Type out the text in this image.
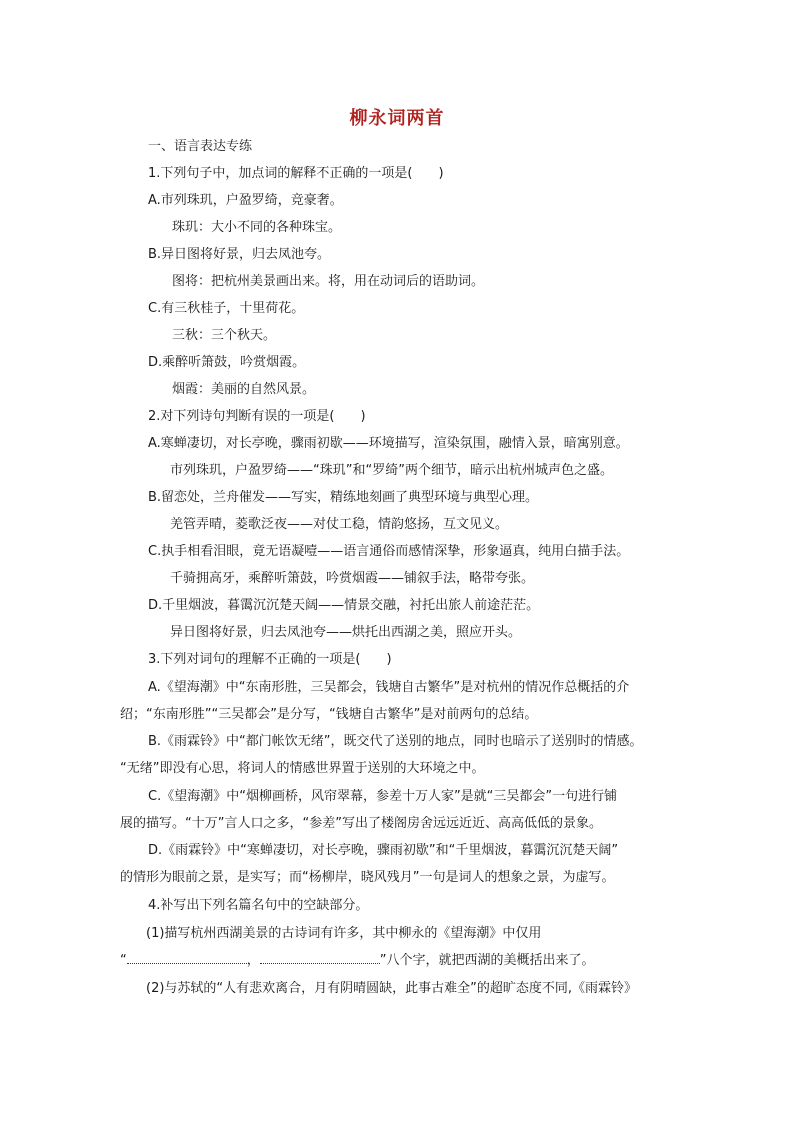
柳永词两首
一、语言表达专练
1.下列句子中，加点词的解释不正确的一项是(　　)
A.市列珠玑，户盈罗绮，竞豪奢。
珠玑：大小不同的各种珠宝。
B.异日图将好景，归去凤池夸。
图将：把杭州美景画出来。将，用在动词后的语助词。
C.有三秋桂子，十里荷花。
三秋：三个秋天。
D.乘醉听箫鼓，吟赏烟霞。
烟霞：美丽的自然风景。
2.对下列诗句判断有误的一项是(　　)
A.寒蝉凄切，对长亭晚，骤雨初歇——环境描写，渲染氛围，融情入景，暗寓别意。
市列珠玑，户盈罗绮——“珠玑”和“罗绮”两个细节，暗示出杭州城声色之盛。
B.留恋处，兰舟催发——写实，精练地刻画了典型环境与典型心理。
羌管弄晴，菱歌泛夜——对仗工稳，情韵悠扬，互文见义。
C.执手相看泪眼，竟无语凝噎——语言通俗而感情深挚，形象逼真，纯用白描手法。
千骑拥高牙，乘醉听箫鼓，吟赏烟霞——铺叙手法，略带夸张。
D.千里烟波，暮霭沉沉楚天阔——情景交融，衬托出旅人前途茫茫。
异日图将好景，归去凤池夸——烘托出西湖之美，照应开头。
3.下列对词句的理解不正确的一项是(　　)
A.《望海潮》中“东南形胜，三吴都会，钱塘自古繁华”是对杭州的情况作总概括的介
绍；“东南形胜”“三吴都会”是分写，“钱塘自古繁华”是对前两句的总结。
B.《雨霖铃》中“都门帐饮无绪”，既交代了送别的地点，同时也暗示了送别时的情感。
“无绪”即没有心思，将词人的情感世界置于送别的大环境之中。
C.《望海潮》中“烟柳画桥，风帘翠幕，参差十万人家”是就“三吴都会”一句进行铺
展的描写。“十万”言人口之多，“参差”写出了楼阁房舍远远近近、高高低低的景象。
D.《雨霖铃》中“寒蝉凄切，对长亭晚，骤雨初歇”和“千里烟波，暮霭沉沉楚天阔”
的情形为眼前之景，是实写；而“杨柳岸，晓风残月”一句是词人的想象之景，为虚写。
4.补写出下列名篇名句中的空缺部分。
(1)描写杭州西湖美景的古诗词有许多，其中柳永的《望海潮》中仅用
“	，	”八个字，就把西湖的美概括出来了。
(2)与苏轼的“人有悲欢离合，月有阴晴圆缺，此事古难全”的超旷态度不同,《雨霖铃》
